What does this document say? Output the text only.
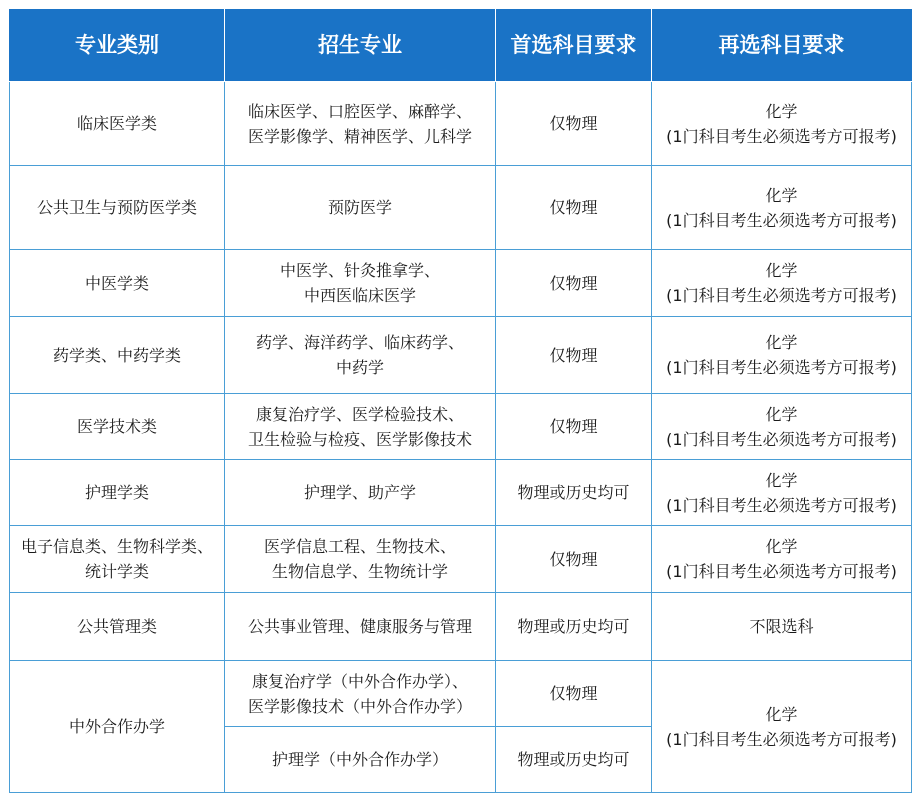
专业类别	招生专业	首选科目要求	再选科目要求

临床医学类	临床医学、口腔医学、麻醉学、
医学影像学、精神医学、儿科学	仅物理	化学
(1门科目考生必须选考方可报考)

公共卫生与预防医学类	预防医学	仅物理	化学
(1门科目考生必须选考方可报考)

中医学类	中医学、针灸推拿学、
中西医临床医学	仅物理	化学
(1门科目考生必须选考方可报考)

药学类、中药学类	药学、海洋药学、临床药学、
中药学	仅物理	化学
(1门科目考生必须选考方可报考)

医学技术类	康复治疗学、医学检验技术、
卫生检验与检疫、医学影像技术	仅物理	化学
(1门科目考生必须选考方可报考)

护理学类	护理学、助产学	物理或历史均可	化学
(1门科目考生必须选考方可报考)

电子信息类、生物科学类、
统计学类	医学信息工程、生物技术、
生物信息学、生物统计学	仅物理	化学
(1门科目考生必须选考方可报考)

公共管理类	公共事业管理、健康服务与管理	物理或历史均可	不限选科

中外合作办学	康复治疗学（中外合作办学）、
医学影像技术（中外合作办学）	仅物理	化学
(1门科目考生必须选考方可报考)

	护理学（中外合作办学）	物理或历史均可	
